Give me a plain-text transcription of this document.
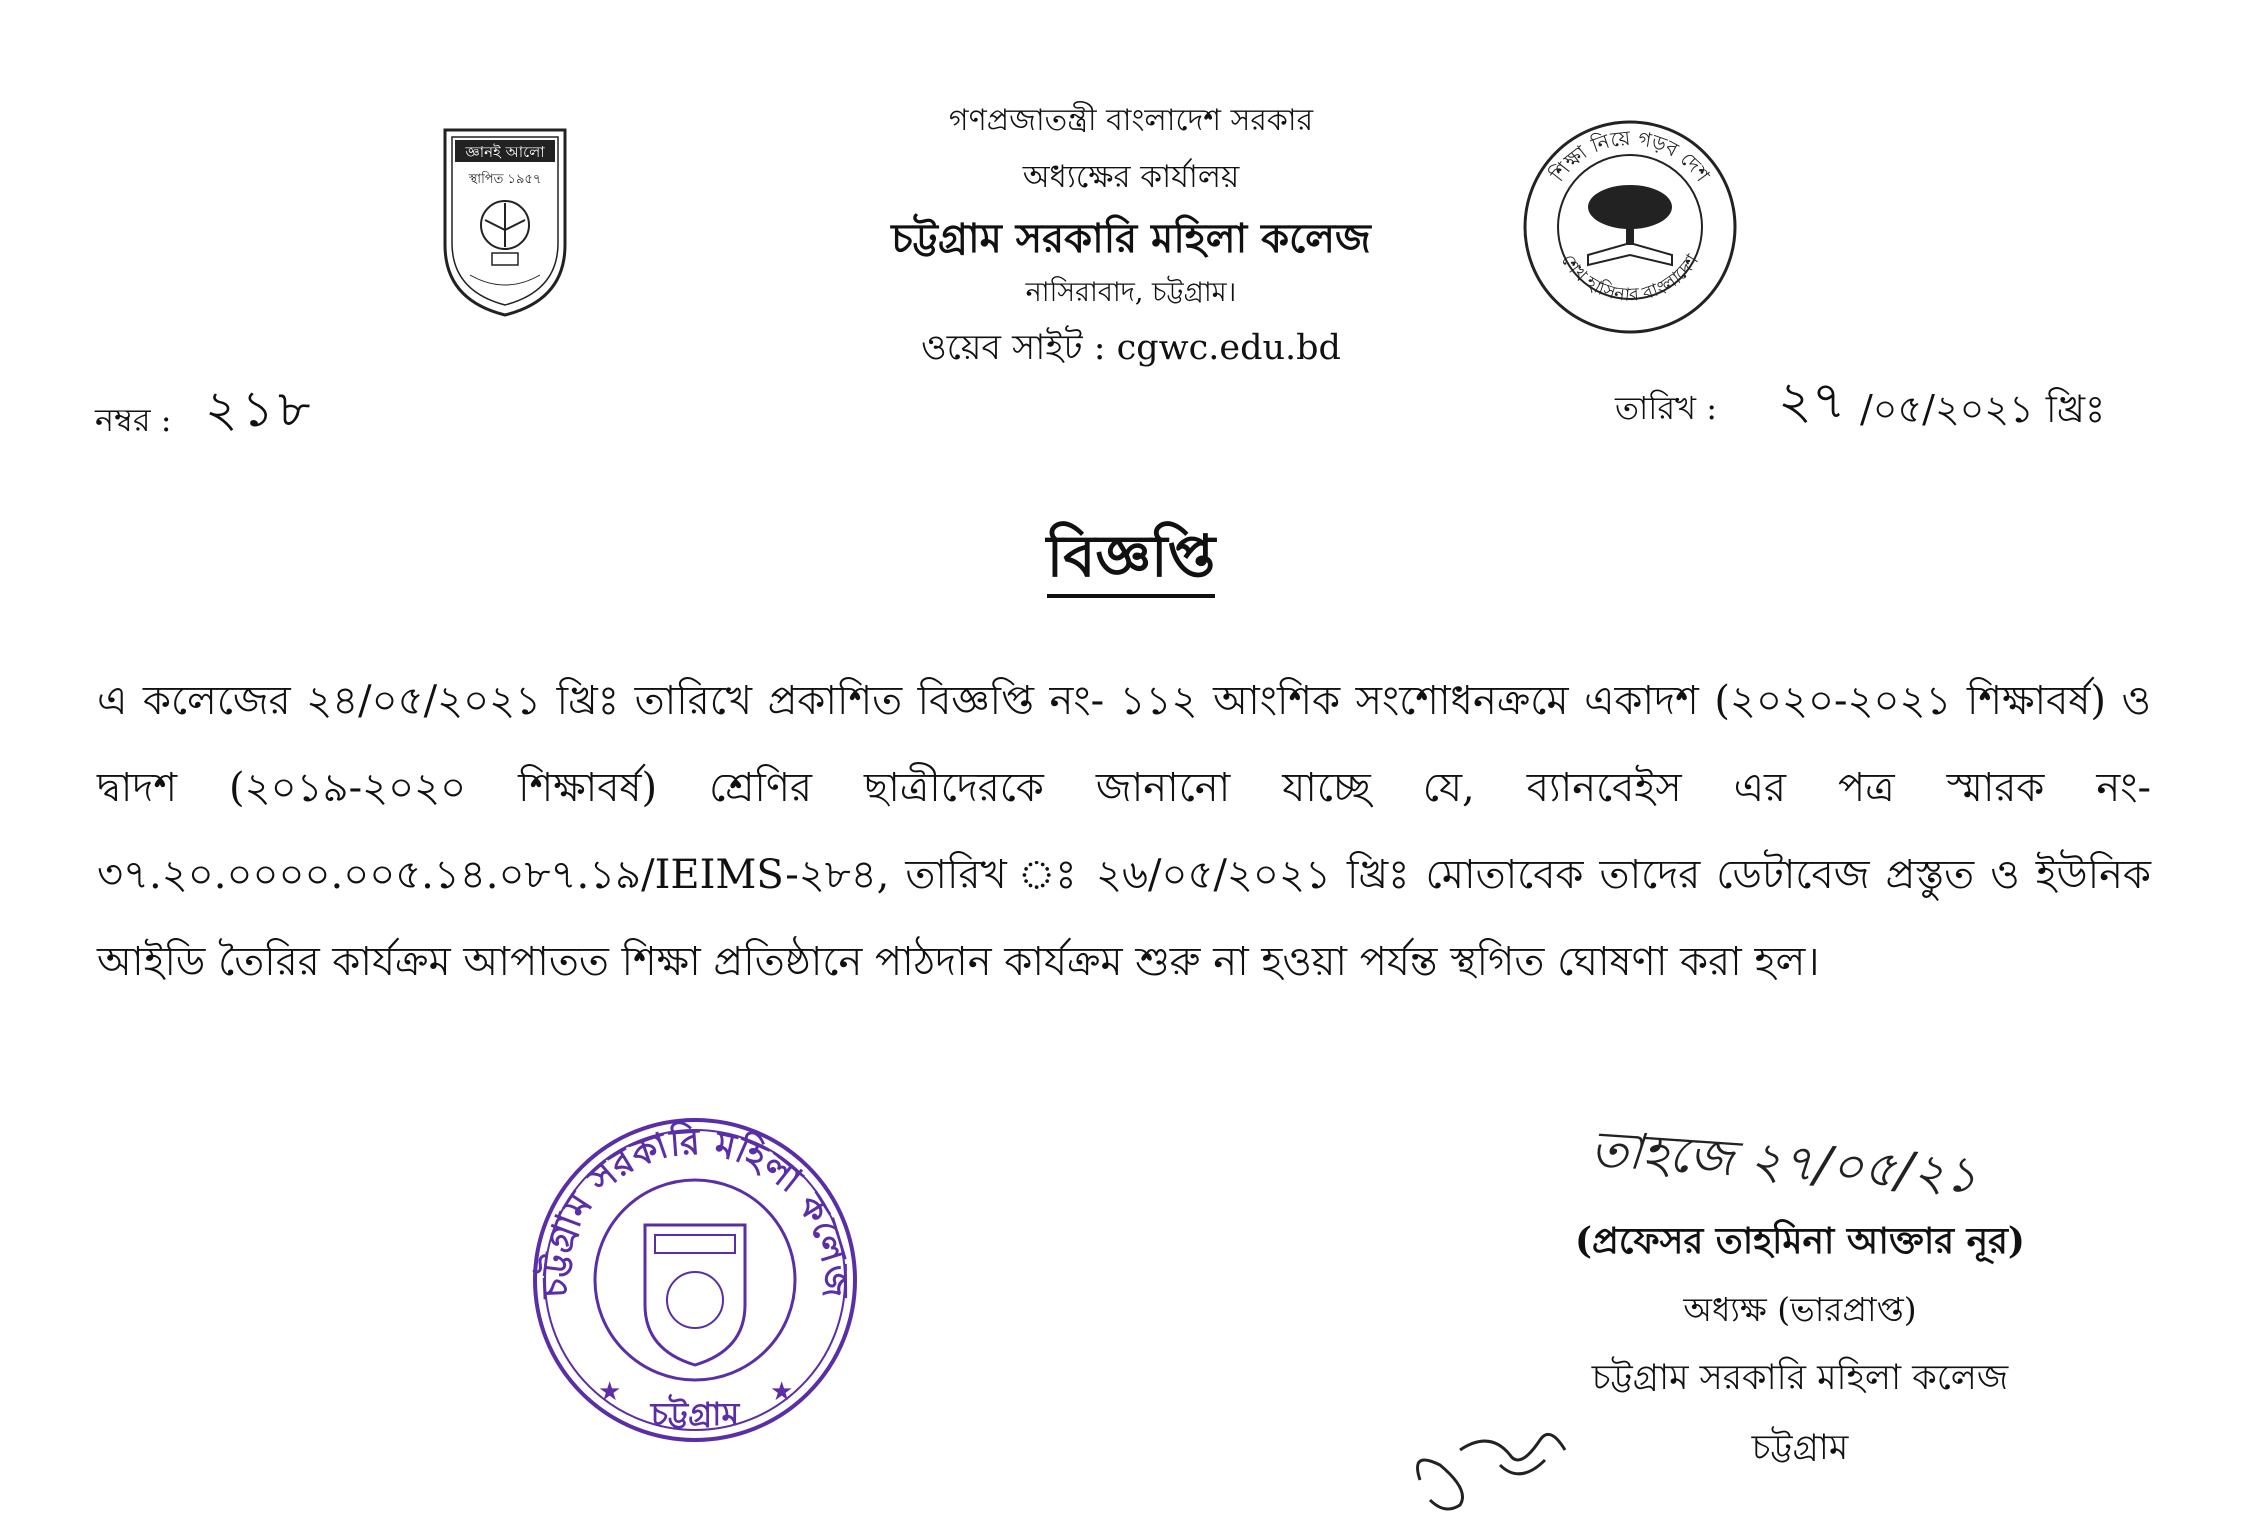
জ্ঞানই আলো
স্থাপিত ১৯৫৭	শিক্ষা নিয়ে গড়ব দেশ
শেখ হাসিনার বাংলাদেশ
গণপ্রজাতন্ত্রী বাংলাদেশ সরকার
অধ্যক্ষের কার্যালয়
চট্টগ্রাম সরকারি মহিলা কলেজ
নাসিরাবাদ, চট্টগ্রাম।
ওয়েব সাইট : cgwc.edu.bd
নম্বর : ২১৮	তারিখ : ২৭ /০৫/২০২১ খ্রিঃ
বিজ্ঞপ্তি
এ কলেজের ২৪/০৫/২০২১ খ্রিঃ তারিখে প্রকাশিত বিজ্ঞপ্তি নং- ১১২ আংশিক সংশোধনক্রমে একাদশ (২০২০-২০২১ শিক্ষাবর্ষ) ও দ্বাদশ (২০১৯-২০২০ শিক্ষাবর্ষ) শ্রেণির ছাত্রীদেরকে জানানো যাচ্ছে যে, ব্যানবেইস এর পত্র স্মারক নং- ৩৭.২০.০০০০.০০৫.১৪.০৮৭.১৯/IEIMS-২৮৪, তারিখ ঃ ২৬/০৫/২০২১ খ্রিঃ মোতাবেক তাদের ডেটাবেজ প্রস্তুত ও ইউনিক আইডি তৈরির কার্যক্রম আপাতত শিক্ষা প্রতিষ্ঠানে পাঠদান কার্যক্রম শুরু না হওয়া পর্যন্ত স্থগিত ঘোষণা করা হল।
চট্টগ্রাম সরকারি মহিলা কলেজ
চট্টগ্রাম
★	★
তাহজে ২৭/০৫/২১
(প্রফেসর তাহমিনা আক্তার নূর)
অধ্যক্ষ (ভারপ্রাপ্ত)
চট্টগ্রাম সরকারি মহিলা কলেজ
চট্টগ্রাম
